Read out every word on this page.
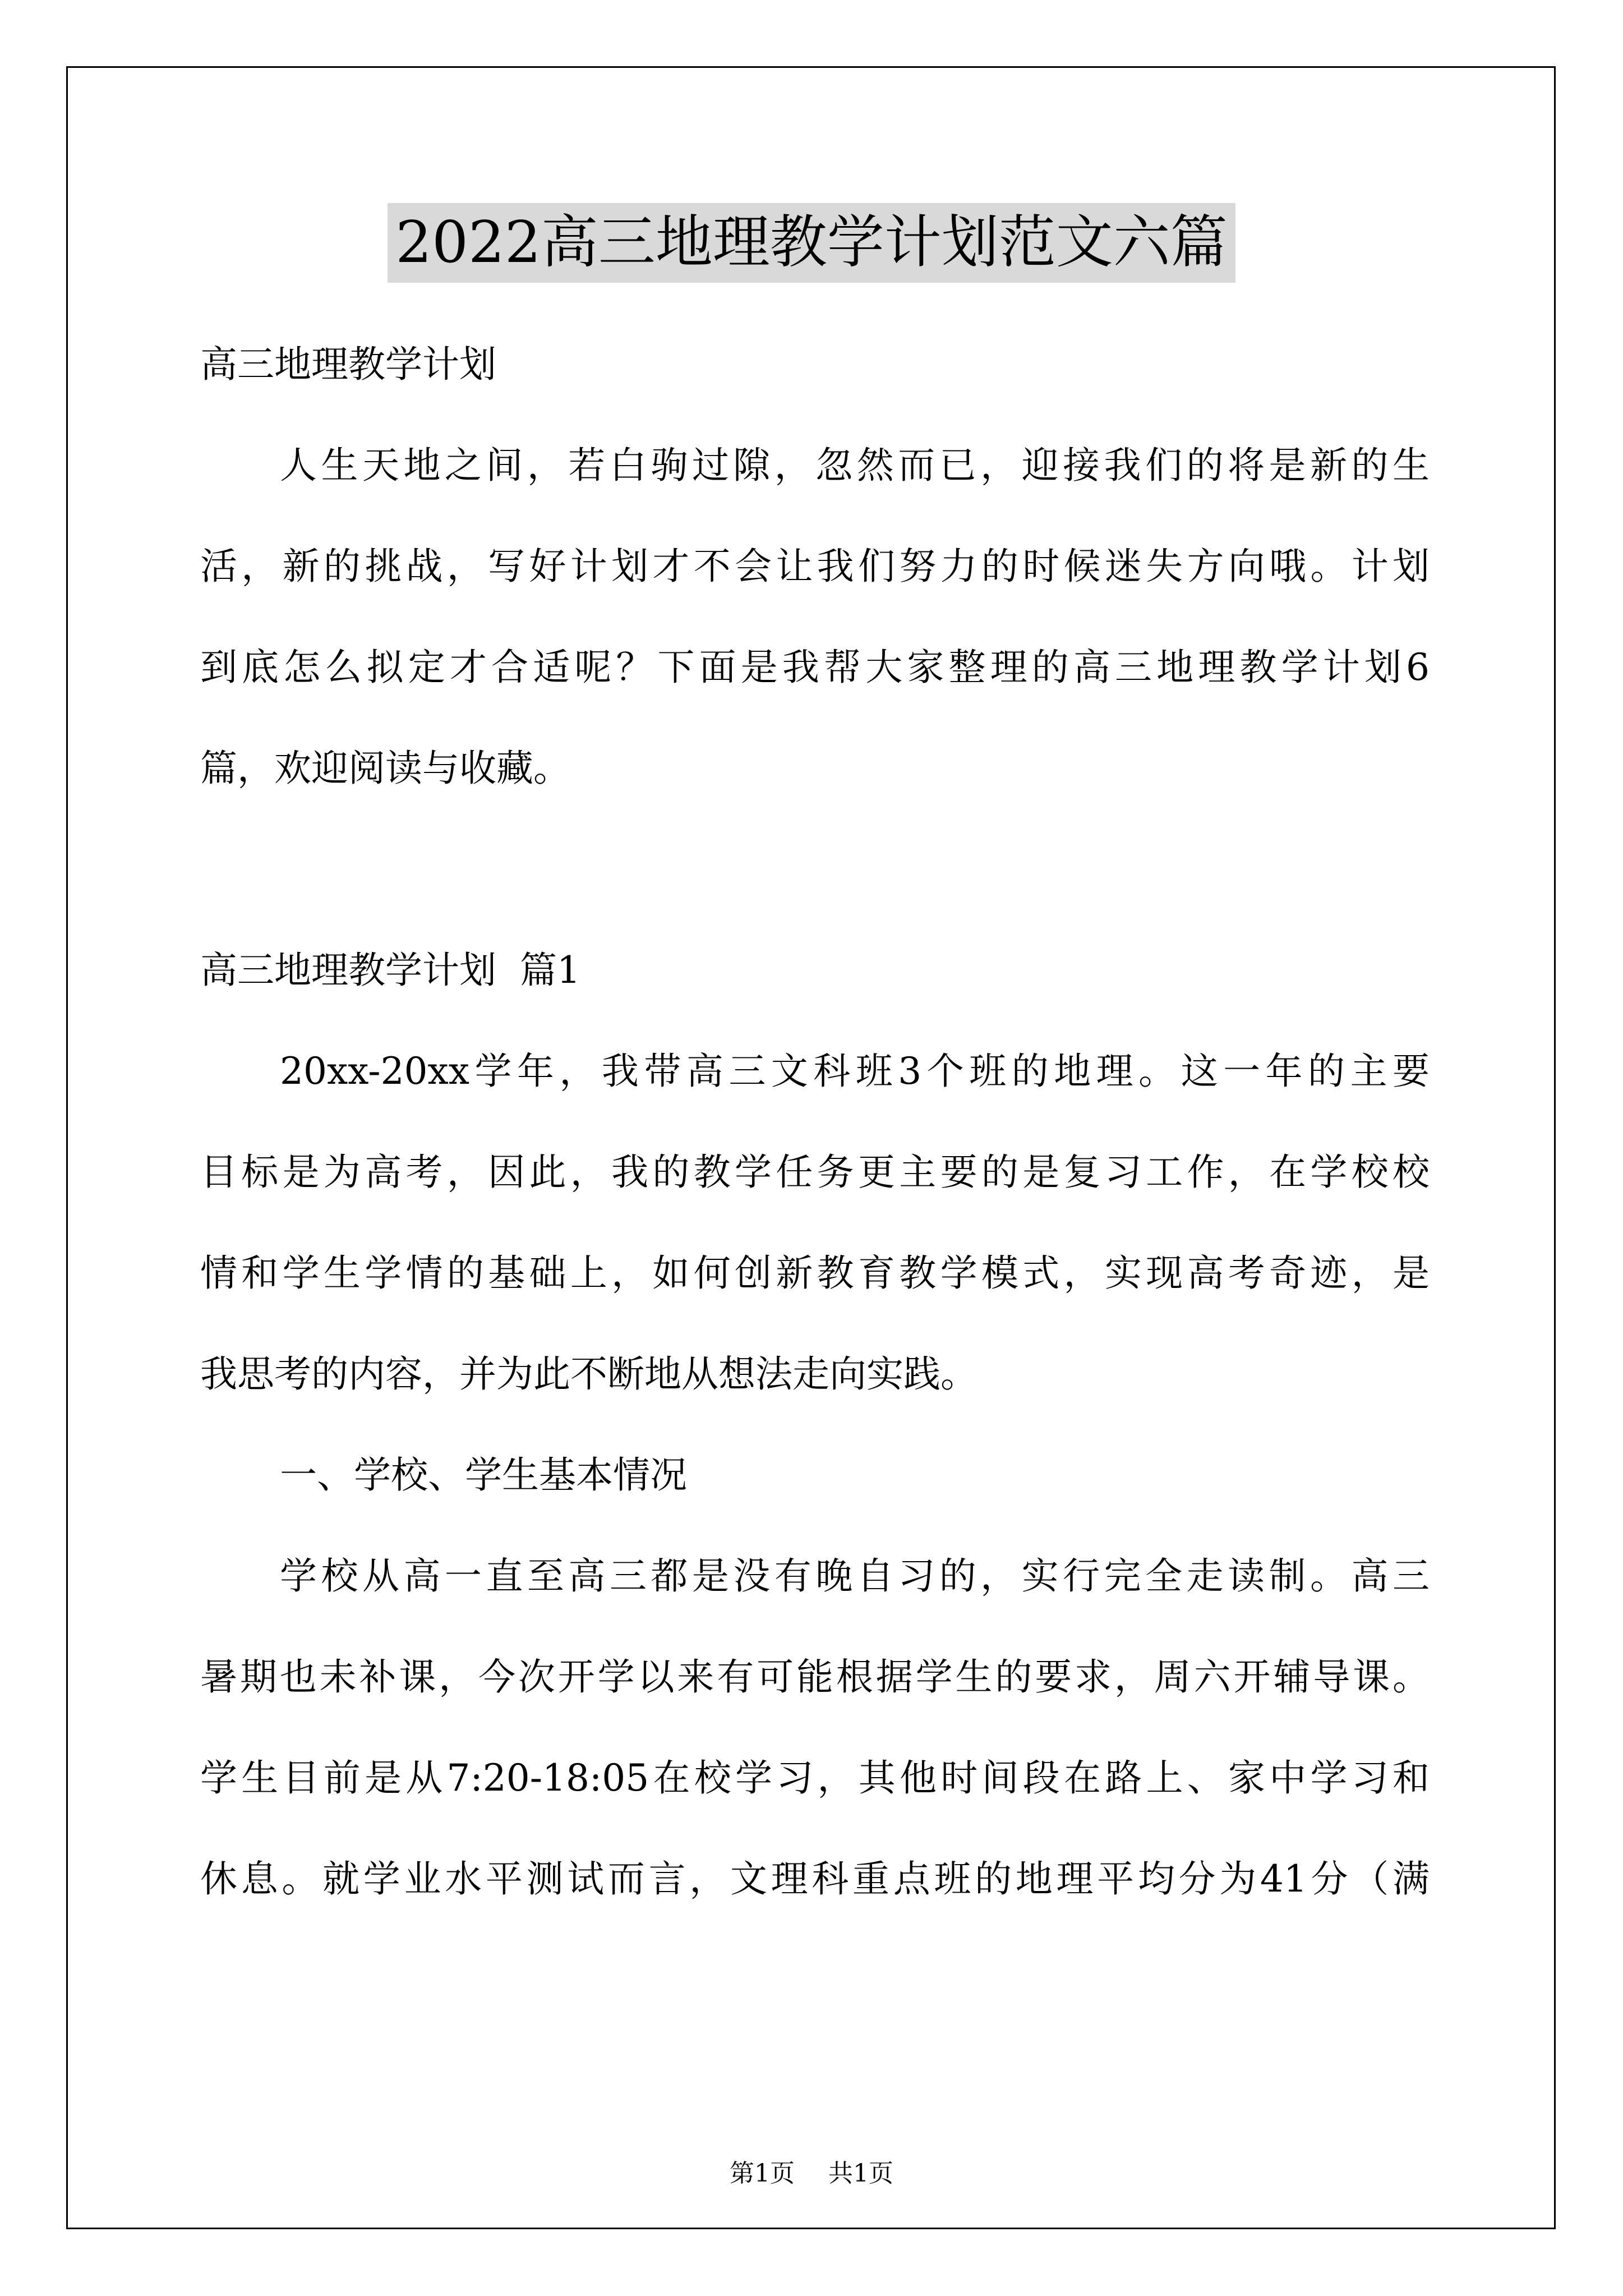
2022高三地理教学计划范文六篇
高三地理教学计划
人生天地之间，若白驹过隙，忽然而已，迎接我们的将是新的生
活，新的挑战，写好计划才不会让我们努力的时候迷失方向哦。计划
到底怎么拟定才合适呢？下面是我帮大家整理的高三地理教学计划6
篇，欢迎阅读与收藏。
高三地理教学计划  篇1
20xx-20xx学年，我带高三文科班3个班的地理。这一年的主要
目标是为高考，因此，我的教学任务更主要的是复习工作，在学校校
情和学生学情的基础上，如何创新教育教学模式，实现高考奇迹，是
我思考的内容，并为此不断地从想法走向实践。
一、学校、学生基本情况
学校从高一直至高三都是没有晚自习的，实行完全走读制。高三
暑期也未补课，今次开学以来有可能根据学生的要求，周六开辅导课。
学生目前是从7:20-18:05在校学习，其他时间段在路上、家中学习和
休息。就学业水平测试而言，文理科重点班的地理平均分为41分（满
第1页 共1页
